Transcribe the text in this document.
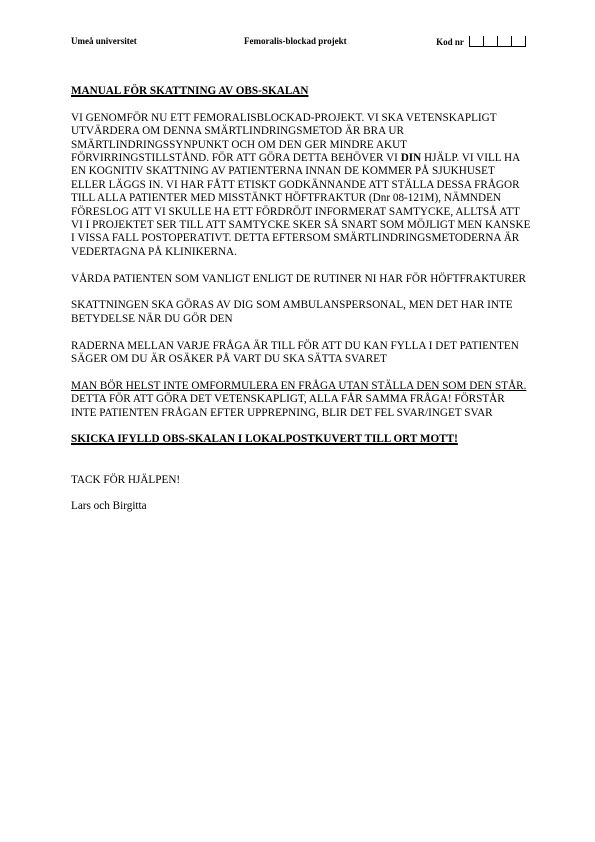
Umeå universitet	Femoralis-blockad projekt	Kod nr

MANUAL FÖR SKATTNING AV OBS-SKALAN

VI GENOMFÖR NU ETT FEMORALISBLOCKAD-PROJEKT. VI SKA VETENSKAPLIGT UTVÄRDERA OM DENNA SMÄRTLINDRINGSMETOD ÄR BRA UR SMÄRTLINDRINGSSYNPUNKT OCH OM DEN GER MINDRE AKUT FÖRVIRRINGSTILLSTÅND. FÖR ATT GÖRA DETTA BEHÖVER VI DIN HJÄLP. VI VILL HA EN KOGNITIV SKATTNING AV PATIENTERNA INNAN DE KOMMER PÅ SJUKHUSET ELLER LÄGGS IN. VI HAR FÅTT ETISKT GODKÄNNANDE ATT STÄLLA DESSA FRÅGOR TILL ALLA PATIENTER MED MISSTÄNKT HÖFTFRAKTUR (Dnr 08-121M), NÄMNDEN FÖRESLOG ATT VI SKULLE HA ETT FÖRDRÖJT INFORMERAT SAMTYCKE, ALLTSÅ ATT VI I PROJEKTET SER TILL ATT SAMTYCKE SKER SÅ SNART SOM MÖJLIGT MEN KANSKE I VISSA FALL POSTOPERATIVT. DETTA EFTERSOM SMÄRTLINDRINGSMETODERNA ÄR VEDERTAGNA PÅ KLINIKERNA.

VÅRDA PATIENTEN SOM VANLIGT ENLIGT DE RUTINER NI HAR FÖR HÖFTFRAKTURER

SKATTNINGEN SKA GÖRAS AV DIG SOM AMBULANSPERSONAL, MEN DET HAR INTE BETYDELSE NÄR DU GÖR DEN

RADERNA MELLAN VARJE FRÅGA ÄR TILL FÖR ATT DU KAN FYLLA I DET PATIENTEN SÄGER OM DU ÄR OSÄKER PÅ VART DU SKA SÄTTA SVARET

MAN BÖR HELST INTE OMFORMULERA EN FRÅGA UTAN STÄLLA DEN SOM DEN STÅR. DETTA FÖR ATT GÖRA DET VETENSKAPLIGT, ALLA FÅR SAMMA FRÅGA! FÖRSTÅR INTE PATIENTEN FRÅGAN EFTER UPPREPNING, BLIR DET FEL SVAR/INGET SVAR

SKICKA IFYLLD OBS-SKALAN I LOKALPOSTKUVERT TILL ORT MOTT!

TACK FÖR HJÄLPEN!

Lars och Birgitta
